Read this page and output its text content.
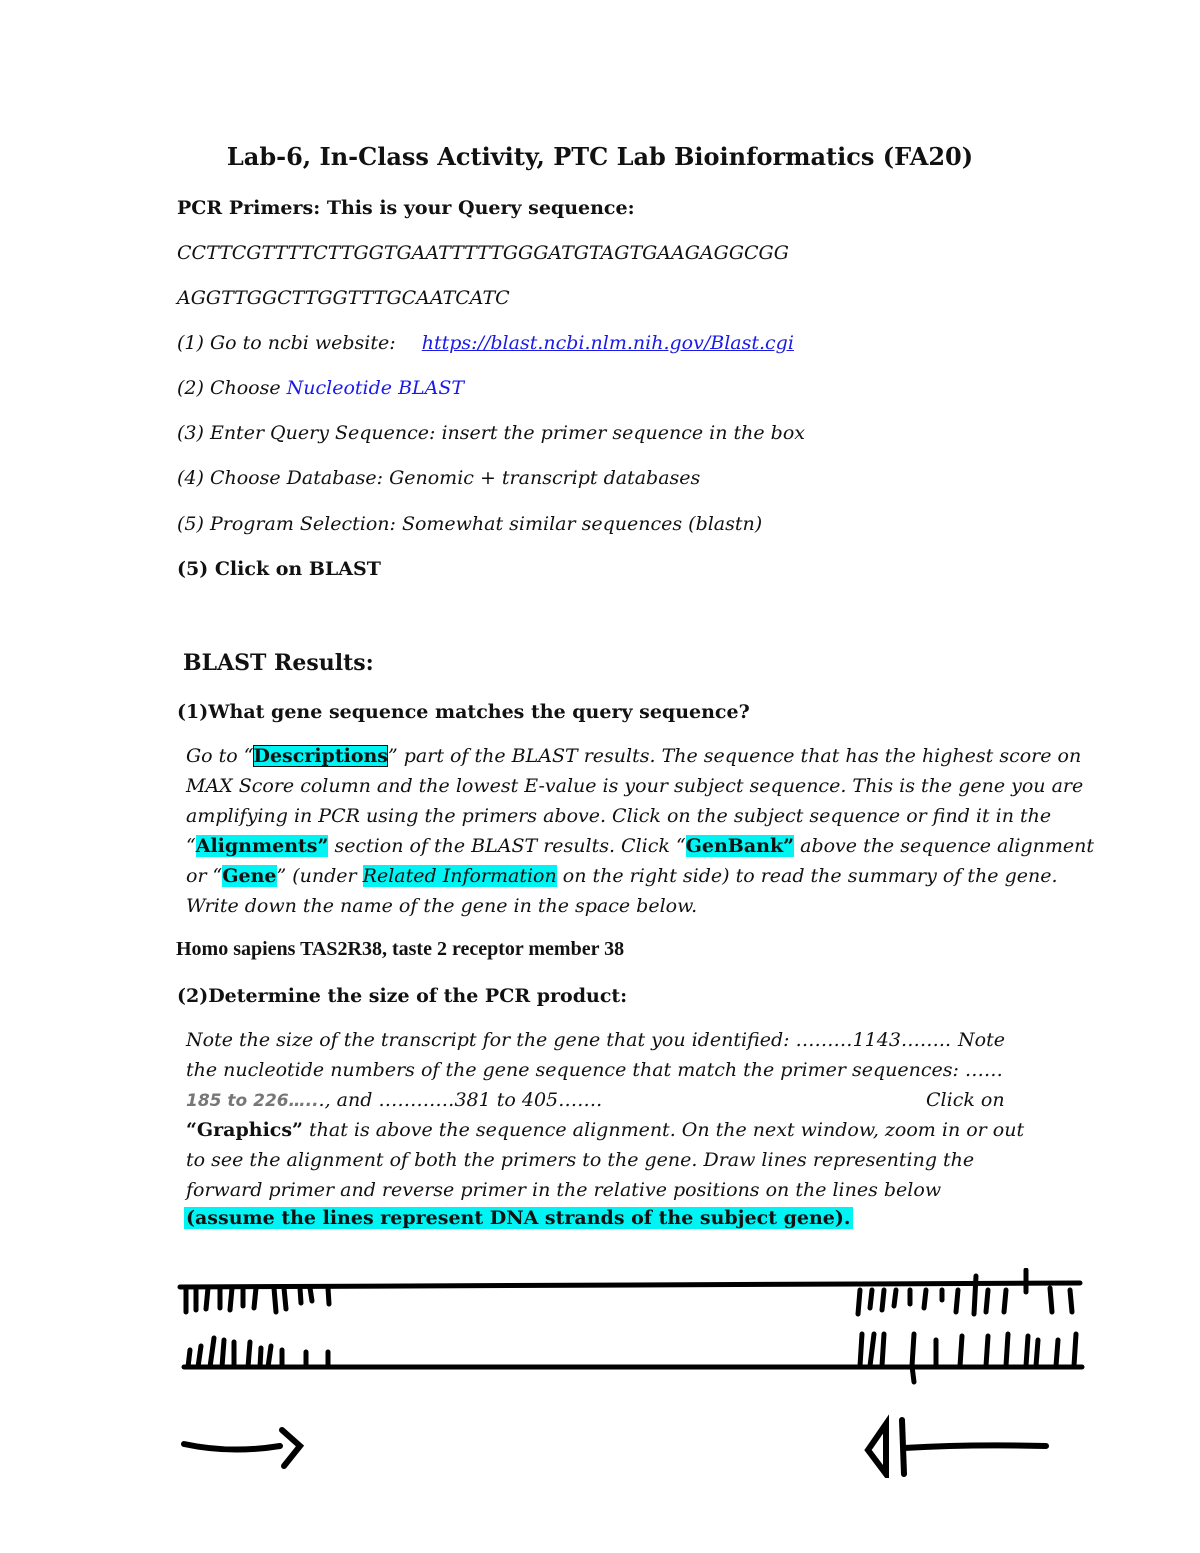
Lab-6, In-Class Activity, PTC Lab Bioinformatics (FA20)
PCR Primers: This is your Query sequence:
CCTTCGTTTTCTTGGTGAATTTTTGGGATGTAGTGAAGAGGCGG
AGGTTGGCTTGGTTTGCAATCATC
(1) Go to ncbi website: https://blast.ncbi.nlm.nih.gov/Blast.cgi
(2) Choose Nucleotide BLAST
(3) Enter Query Sequence: insert the primer sequence in the box
(4) Choose Database: Genomic + transcript databases
(5) Program Selection: Somewhat similar sequences (blastn)
(5) Click on BLAST
BLAST Results:
(1)What gene sequence matches the query sequence?
Go to “Descriptions” part of the BLAST results. The sequence that has the highest score on
MAX Score column and the lowest E-value is your subject sequence. This is the gene you are
amplifying in PCR using the primers above. Click on the subject sequence or find it in the
“Alignments” section of the BLAST results. Click “GenBank” above the sequence alignment
or “Gene” (under Related Information on the right side) to read the summary of the gene.
Write down the name of the gene in the space below.
Homo sapiens TAS2R38, taste 2 receptor member 38
(2)Determine the size of the PCR product:
Note the size of the transcript for the gene that you identified: ………1143…….. Note
the nucleotide numbers of the gene sequence that match the primer sequences: ……
185 to 226…..., and …………381 to 405…….	Click on
“Graphics” that is above the sequence alignment. On the next window, zoom in or out
to see the alignment of both the primers to the gene. Draw lines representing the
forward primer and reverse primer in the relative positions on the lines below
(assume the lines represent DNA strands of the subject gene).
